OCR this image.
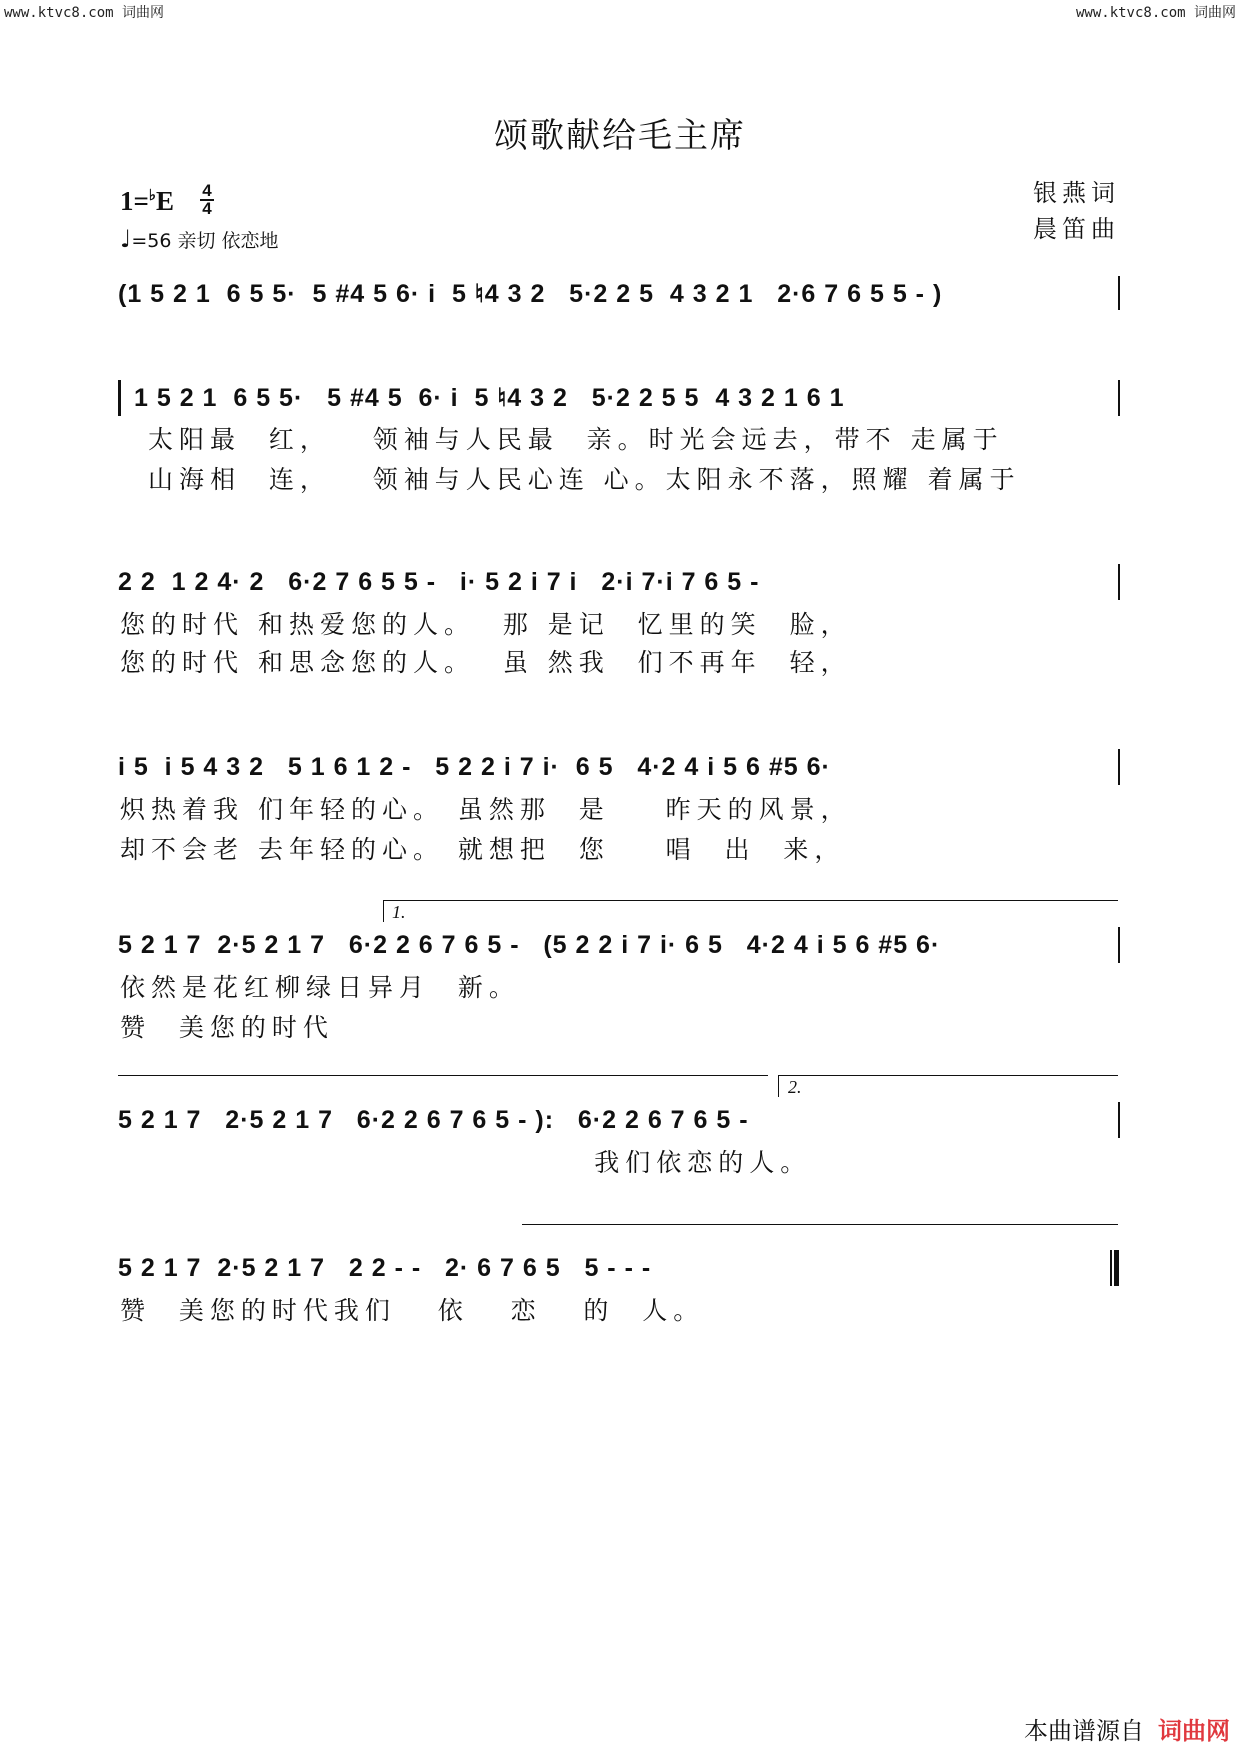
www.ktvc8.com 词曲网	www.ktvc8.com 词曲网
颂歌献给毛主席
1=♭E 4
4
♩=56 亲切 依恋地
银燕词
晨笛曲
(1 5 2 1  6 5 5·  5 #4 5 6· i  5 ♮4 3 2   5·2 2 5  4 3 2 1   2·6 7 6 5 5 - )
1 5 2 1  6 5 5·   5 #4 5  6· i  5 ♮4 3 2   5·2 2 5 5  4 3 2 1 6 1
太阳最  红，   领袖与人民最  亲。时光会远去，带不 走属于
山海相  连，   领袖与人民心连 心。太阳永不落，照耀 着属于
2 2  1 2 4· 2   6·2 7 6 5 5 -   i· 5 2 i 7 i   2·i 7·i 7 6 5 -
您的时代 和热爱您的人。  那 是记  忆里的笑  脸，
您的时代 和思念您的人。  虽 然我  们不再年  轻，
i 5  i 5 4 3 2   5 1 6 1 2 -   5 2 2 i 7 i·  6 5   4·2 4 i 5 6 #5 6·
炽热着我 们年轻的心。 虽然那  是    昨天的风景，
却不会老 去年轻的心。 就想把  您    唱  出  来，
1.
5 2 1 7  2·5 2 1 7   6·2 2 6 7 6 5 -   (5 2 2 i 7 i· 6 5   4·2 4 i 5 6 #5 6·
依然是花红柳绿日异月  新。
赞  美您的时代
2.
5 2 1 7   2·5 2 1 7   6·2 2 6 7 6 5 - ):   6·2 2 6 7 6 5 -
我们依恋的人。
5 2 1 7  2·5 2 1 7   2 2 - -   2· 6 7 6 5   5 - - -
赞  美您的时代我们   依   恋   的  人。
本曲谱源自 词曲网
